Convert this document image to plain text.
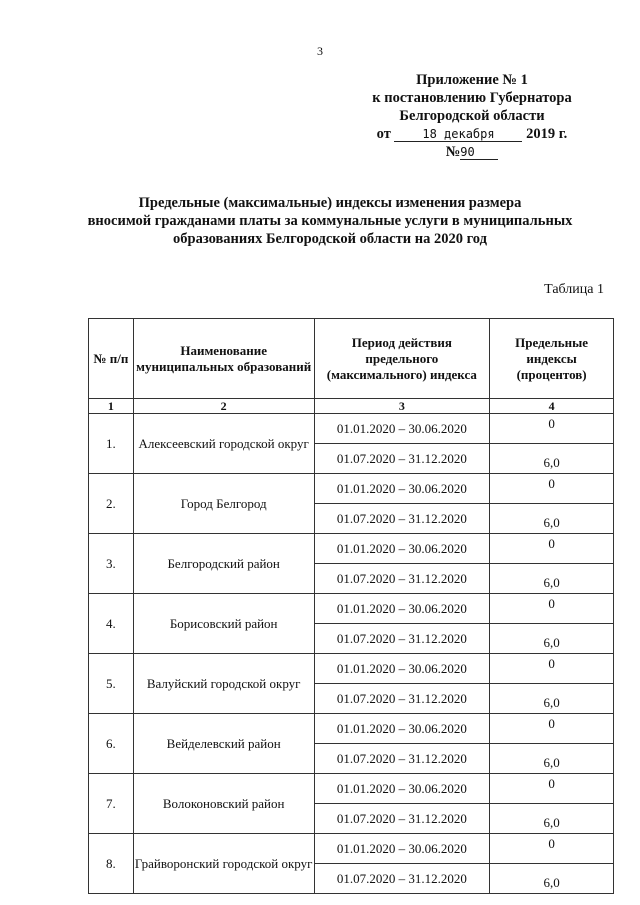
3
Приложение № 1
к постановлению Губернатора
Белгородской области
от	18 декабря 2019 г.
№90
Предельные (максимальные) индексы изменения размера
вносимой гражданами платы за коммунальные услуги в муниципальных
образованиях Белгородской области на 2020 год
Таблица 1
№ п/п	Наименование муниципальных образований	Период действия предельного (максимального) индекса	Предельные индексы (процентов)
1	2	3	4
1.	Алексеевский городской округ	01.01.2020 – 30.06.2020	0
		01.07.2020 – 31.12.2020	6,0
2.	Город Белгород	01.01.2020 – 30.06.2020	0
		01.07.2020 – 31.12.2020	6,0
3.	Белгородский район	01.01.2020 – 30.06.2020	0
		01.07.2020 – 31.12.2020	6,0
4.	Борисовский район	01.01.2020 – 30.06.2020	0
		01.07.2020 – 31.12.2020	6,0
5.	Валуйский городской округ	01.01.2020 – 30.06.2020	0
		01.07.2020 – 31.12.2020	6,0
6.	Вейделевский район	01.01.2020 – 30.06.2020	0
		01.07.2020 – 31.12.2020	6,0
7.	Волоконовский район	01.01.2020 – 30.06.2020	0
		01.07.2020 – 31.12.2020	6,0
8.	Грайворонский городской округ	01.01.2020 – 30.06.2020	0
		01.07.2020 – 31.12.2020	6,0
